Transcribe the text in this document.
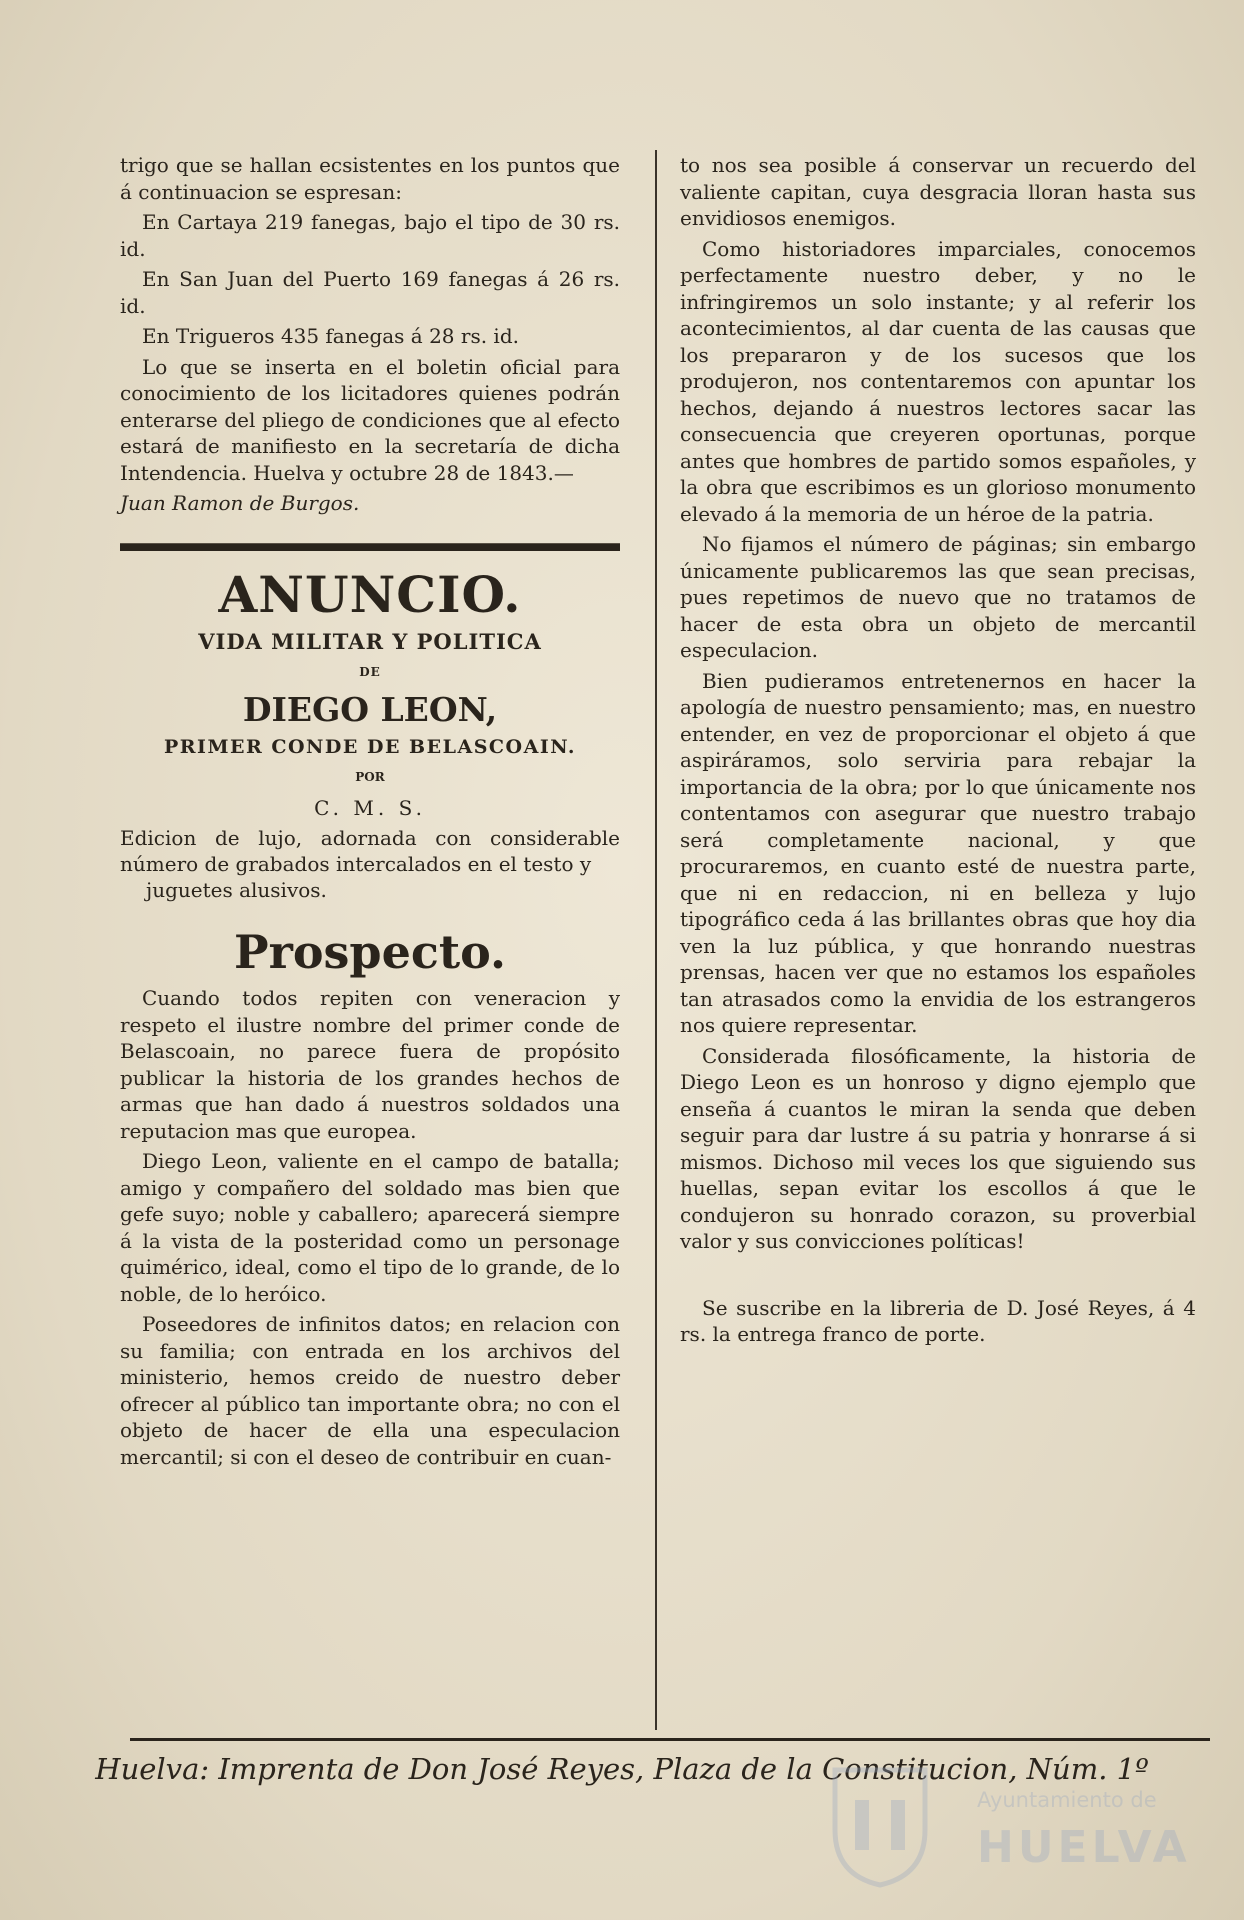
trigo que se hallan ecsistentes en los puntos que á continuacion se espresan:

En Cartaya 219 fanegas, bajo el tipo de 30 rs. id.

En San Juan del Puerto 169 fanegas á 26 rs. id.

En Trigueros 435 fanegas á 28 rs. id.

Lo que se inserta en el boletin oficial para conocimiento de los licitadores quienes podrán enterarse del pliego de condiciones que al efecto estará de manifiesto en la secretaría de dicha Intendencia. Huelva y octubre 28 de 1843.—

Juan Ramon de Burgos.

ANUNCIO.

VIDA MILITAR Y POLITICA

DE

DIEGO LEON,

PRIMER CONDE DE BELASCOAIN.

POR

C. M. S.

Edicion de lujo, adornada con considerable número de grabados intercalados en el testo y
juguetes alusivos.

Prospecto.

Cuando todos repiten con veneracion y respeto el ilustre nombre del primer conde de Belascoain, no parece fuera de propósito publicar la historia de los grandes hechos de armas que han dado á nuestros soldados una reputacion mas que europea.

Diego Leon, valiente en el campo de batalla; amigo y compañero del soldado mas bien que gefe suyo; noble y caballero; aparecerá siempre á la vista de la posteridad como un personage quimérico, ideal, como el tipo de lo grande, de lo noble, de lo heróico.

Poseedores de infinitos datos; en relacion con su familia; con entrada en los archivos del ministerio, hemos creido de nuestro deber ofrecer al público tan importante obra; no con el objeto de hacer de ella una especulacion mercantil; si con el deseo de contribuir en cuan-

to nos sea posible á conservar un recuerdo del valiente capitan, cuya desgracia lloran hasta sus envidiosos enemigos.

Como historiadores imparciales, conocemos perfectamente nuestro deber, y no le infringiremos un solo instante; y al referir los acontecimientos, al dar cuenta de las causas que los prepararon y de los sucesos que los produjeron, nos contentaremos con apuntar los hechos, dejando á nuestros lectores sacar las consecuencia que creyeren oportunas, porque antes que hombres de partido somos españoles, y la obra que escribimos es un glorioso monumento elevado á la memoria de un héroe de la patria.

No fijamos el número de páginas; sin embargo únicamente publicaremos las que sean precisas, pues repetimos de nuevo que no tratamos de hacer de esta obra un objeto de mercantil especulacion.

Bien pudieramos entretenernos en hacer la apología de nuestro pensamiento; mas, en nuestro entender, en vez de proporcionar el objeto á que aspiráramos, solo serviria para rebajar la importancia de la obra; por lo que únicamente nos contentamos con asegurar que nuestro trabajo será completamente nacional, y que procuraremos, en cuanto esté de nuestra parte, que ni en redaccion, ni en belleza y lujo tipográfico ceda á las brillantes obras que hoy dia ven la luz pública, y que honrando nuestras prensas, hacen ver que no estamos los españoles tan atrasados como la envidia de los estrangeros nos quiere representar.

Considerada filosóficamente, la historia de Diego Leon es un honroso y digno ejemplo que enseña á cuantos le miran la senda que deben seguir para dar lustre á su patria y honrarse á si mismos. Dichoso mil veces los que siguiendo sus huellas, sepan evitar los escollos á que le condujeron su honrado corazon, su proverbial valor y sus convicciones políticas!

Se suscribe en la libreria de D. José Reyes, á 4 rs. la entrega franco de porte.

Huelva: Imprenta de Don José Reyes, Plaza de la Constitucion, Núm. 1º
Ayuntamiento de
HUELVA
